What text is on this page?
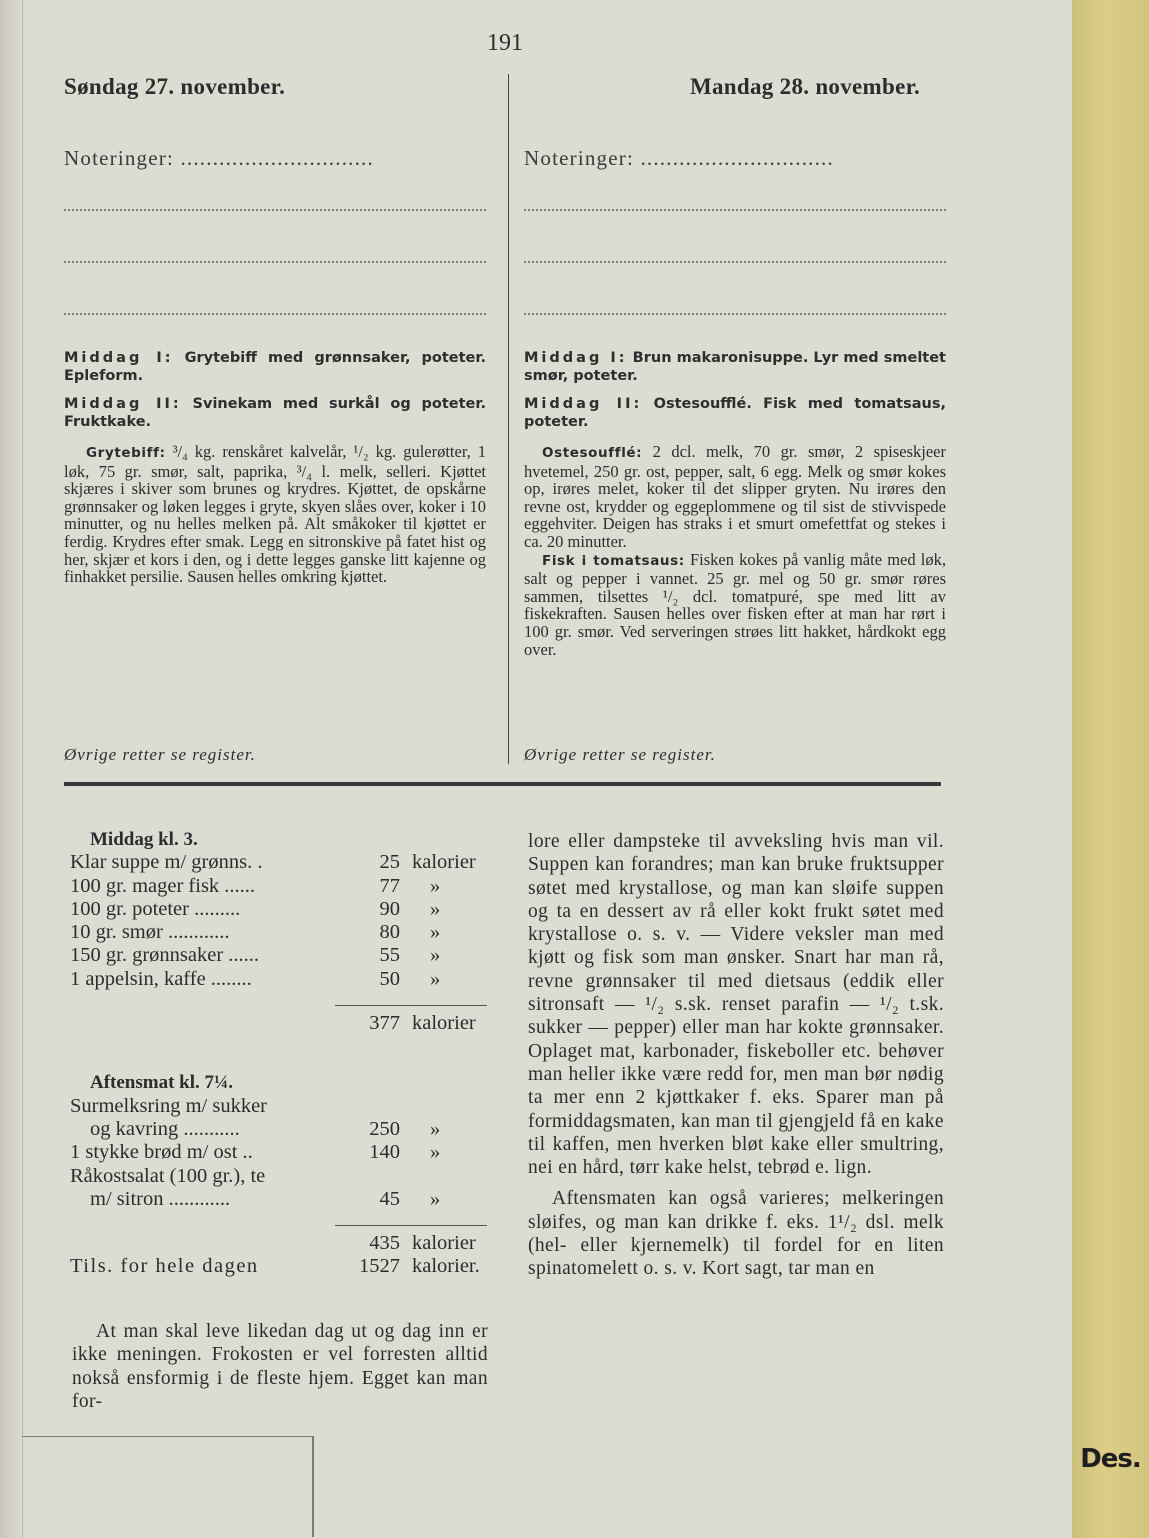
Des.
191
Søndag 27. november.	Mandag 28. november.
Noteringer: ..............................
Middag I: Grytebiff med grønnsaker, poteter. Epleform.
Middag II: Svinekam med surkål og poteter. Fruktkake.
Grytebiff: ³/₄ kg. renskåret kalvelår, ¹/₂ kg. gulerøtter, 1 løk, 75 gr. smør, salt, paprika, ³/₄ l. melk, selleri. Kjøttet skjæres i skiver som brunes og krydres. Kjøttet, de opskårne grønnsaker og løken legges i gryte, skyen slåes over, koker i 10 minutter, og nu helles melken på. Alt småkoker til kjøttet er ferdig. Krydres efter smak. Legg en sitronskive på fatet hist og her, skjær et kors i den, og i dette legges ganske litt kajenne og finhakket persilie. Sausen helles omkring kjøttet.
Øvrige retter se register.
Noteringer: ..............................
Middag I: Brun makaronisuppe. Lyr med smeltet smør, poteter.
Middag II: Ostesoufflé. Fisk med tomatsaus, poteter.
Ostesoufflé: 2 dcl. melk, 70 gr. smør, 2 spiseskjeer hvetemel, 250 gr. ost, pepper, salt, 6 egg. Melk og smør kokes op, irøres melet, koker til det slipper gryten. Nu irøres den revne ost, krydder og eggeplommene og til sist de stivvispede eggehviter. Deigen has straks i et smurt omefettfat og stekes i ca. 20 minutter.
Fisk i tomatsaus: Fisken kokes på vanlig måte med løk, salt og pepper i vannet. 25 gr. mel og 50 gr. smør røres sammen, tilsettes ¹/₂ dcl. tomatpuré, spe med litt av fiskekraften. Sausen helles over fisken efter at man har rørt i 100 gr. smør. Ved serveringen strøes litt hakket, hårdkokt egg over.
Øvrige retter se register.
Middag kl. 3.
Klar suppe m/ grønns. .	25 kalorier
100 gr. mager fisk ......	77	»
100 gr. poteter .........	90	»
10 gr. smør ............	80	»
150 gr. grønnsaker ......	55	»
1 appelsin, kaffe ........	50	»
377 kalorier
Aftensmat kl. 7¼.
Surmelksring m/ sukker
og kavring ...........	250	»
1 stykke brød m/ ost ..	140	»
Råkostsalat (100 gr.), te
m/ sitron ............	45	»
435 kalorier
Tils. for hele dagen	1527 kalorier.

At man skal leve likedan dag ut og dag inn er ikke meningen. Frokosten er vel forresten alltid nokså ensformig i de fleste hjem. Egget kan man for-

lore eller dampsteke til avveksling hvis man vil. Suppen kan forandres; man kan bruke fruktsupper søtet med krystallose, og man kan sløife suppen og ta en dessert av rå eller kokt frukt søtet med krystallose o. s. v. — Videre veksler man med kjøtt og fisk som man ønsker. Snart har man rå, revne grønnsaker til med dietsaus (eddik eller sitronsaft — ¹/₂ s.sk. renset parafin — ¹/₂ t.sk. sukker — pepper) eller man har kokte grønnsaker. Oplaget mat, karbonader, fiskeboller etc. behøver man heller ikke være redd for, men man bør nødig ta mer enn 2 kjøttkaker f. eks. Sparer man på formiddagsmaten, kan man til gjengjeld få en kake til kaffen, men hverken bløt kake eller smultring, nei en hård, tørr kake helst, tebrød e. lign.

Aftensmaten kan også varieres; melkeringen sløifes, og man kan drikke f. eks. 1¹/₂ dsl. melk (hel- eller kjernemelk) til fordel for en liten spinatomelett o. s. v. Kort sagt, tar man en
